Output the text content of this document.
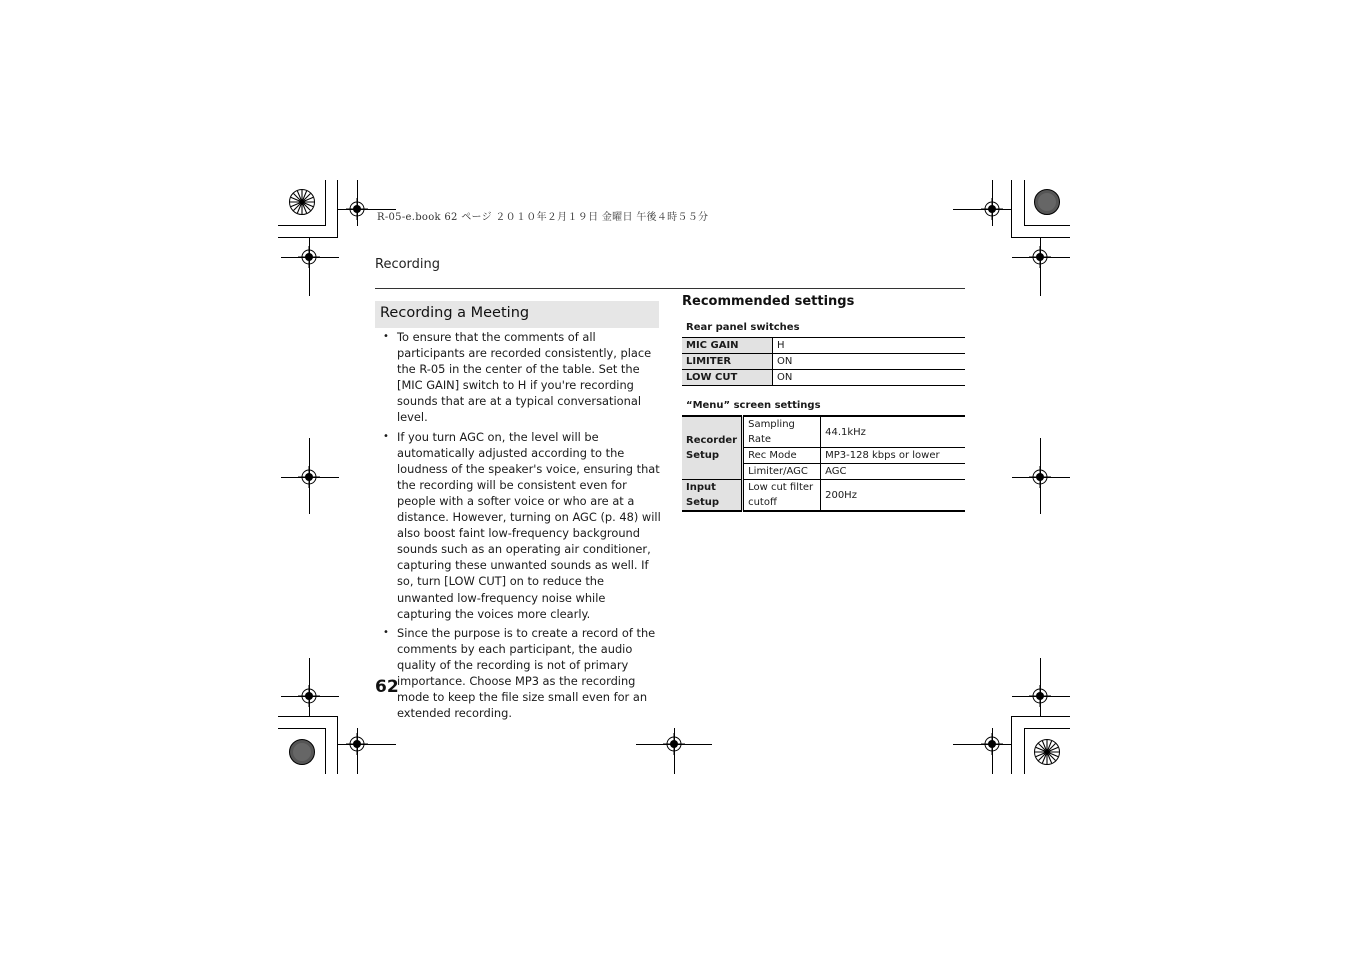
R-05-e.book 62 ページ ２０１０年２月１９日 金曜日 午後４時５５分
Recording
Recording a Meeting
• To ensure that the comments of all participants are recorded consistently, place the R-05 in the center of the table. Set the [MIC GAIN] switch to H if you're recording sounds that are at a typical conversational level.
• If you turn AGC on, the level will be automatically adjusted according to the loudness of the speaker's voice, ensuring that the recording will be consistent even for people with a softer voice or who are at a distance. However, turning on AGC (p. 48) will also boost faint low-frequency background sounds such as an operating air conditioner, capturing these unwanted sounds as well. If so, turn [LOW CUT] on to reduce the unwanted low-frequency noise while capturing the voices more clearly.
• Since the purpose is to create a record of the comments by each participant, the audio quality of the recording is not of primary importance. Choose MP3 as the recording mode to keep the file size small even for an extended recording.
Recommended settings
Rear panel switches
MIC GAIN	H
LIMITER	ON
LOW CUT	ON
“Menu” screen settings
Recorder Setup	Sampling Rate	44.1kHz
	Rec Mode	MP3-128 kbps or lower
	Limiter/AGC	AGC
Input Setup	Low cut filter cutoff	200Hz
62
